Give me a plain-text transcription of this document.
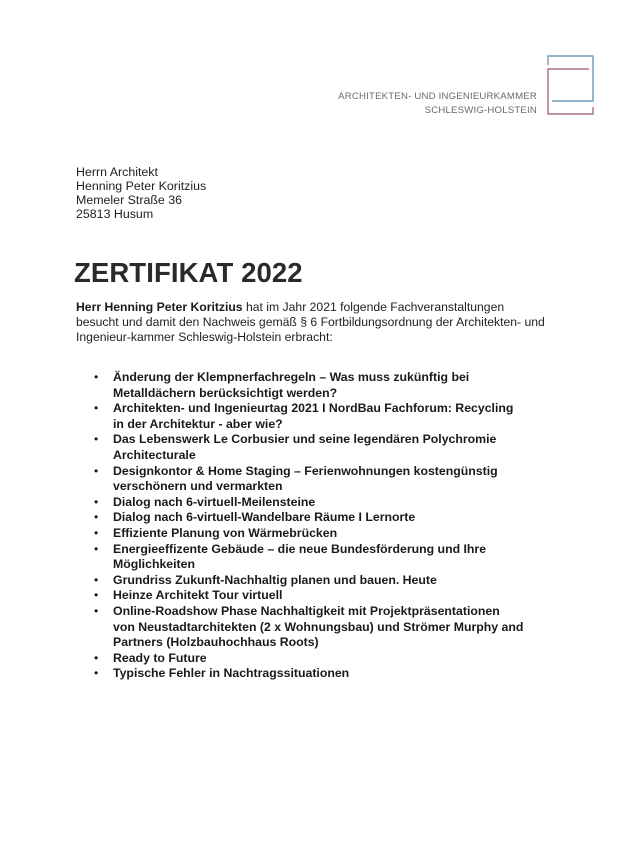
ARCHITEKTEN- UND INGENIEURKAMMER
SCHLESWIG-HOLSTEIN
Herrn Architekt
Henning Peter Koritzius
Memeler Straße 36
25813 Husum
ZERTIFIKAT 2022

Herr Henning Peter Koritzius hat im Jahr 2021 folgende Fachveranstaltungen besucht und damit den Nachweis gemäß § 6 Fortbildungsordnung der Architekten- und Ingenieur-kammer Schleswig-Holstein erbracht:

• Änderung der Klempnerfachregeln – Was muss zukünftig bei Metalldächern berücksichtigt werden?
• Architekten- und Ingenieurtag 2021 I NordBau Fachforum: Recycling in der Architektur - aber wie?
• Das Lebenswerk Le Corbusier und seine legendären Polychromie Architecturale
• Designkontor & Home Staging – Ferienwohnungen kostengünstig verschönern und vermarkten
• Dialog nach 6-virtuell-Meilensteine
• Dialog nach 6-virtuell-Wandelbare Räume I Lernorte
• Effiziente Planung von Wärmebrücken
• Energieeffizente Gebäude – die neue Bundesförderung und Ihre Möglichkeiten
• Grundriss Zukunft-Nachhaltig planen und bauen. Heute
• Heinze Architekt Tour virtuell
• Online-Roadshow Phase Nachhaltigkeit mit Projektpräsentationen von Neustadtarchitekten (2 x Wohnungsbau) und Strömer Murphy and Partners (Holzbauhochhaus Roots)
• Ready to Future
• Typische Fehler in Nachtragssituationen
